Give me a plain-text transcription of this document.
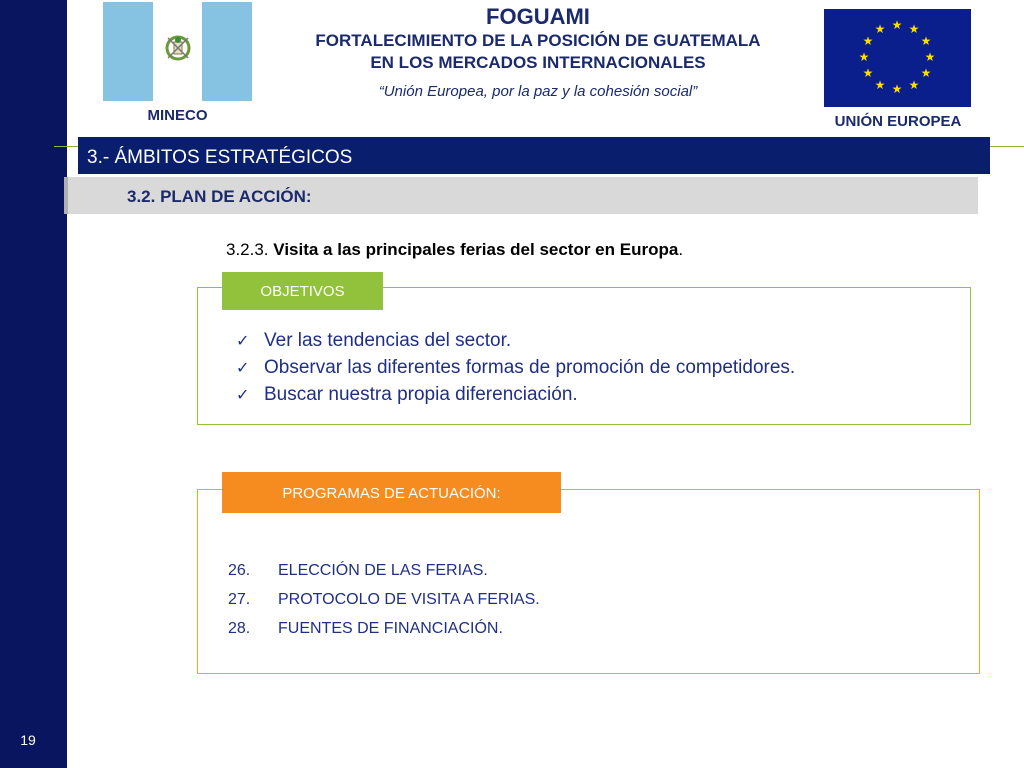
19
MINECO
FOGUAMI
FORTALECIMIENTO DE LA POSICIÓN DE GUATEMALA
EN LOS MERCADOS INTERNACIONALES
“Unión Europea, por la paz y la cohesión social”
★ ★
★
★
★
★
★
★
★
★
★
★
UNIÓN EUROPEA
3.- ÁMBITOS ESTRATÉGICOS
3.2. PLAN DE ACCIÓN:
3.2.3. Visita a las principales ferias del sector en Europa.
OBJETIVOS
✓ Ver las tendencias del sector.
✓ Observar las diferentes formas de promoción de competidores.
✓ Buscar nuestra propia diferenciación.
PROGRAMAS DE ACTUACIÓN:
26. ELECCIÓN DE LAS FERIAS.
27. PROTOCOLO DE VISITA A FERIAS.
28. FUENTES DE FINANCIACIÓN.
